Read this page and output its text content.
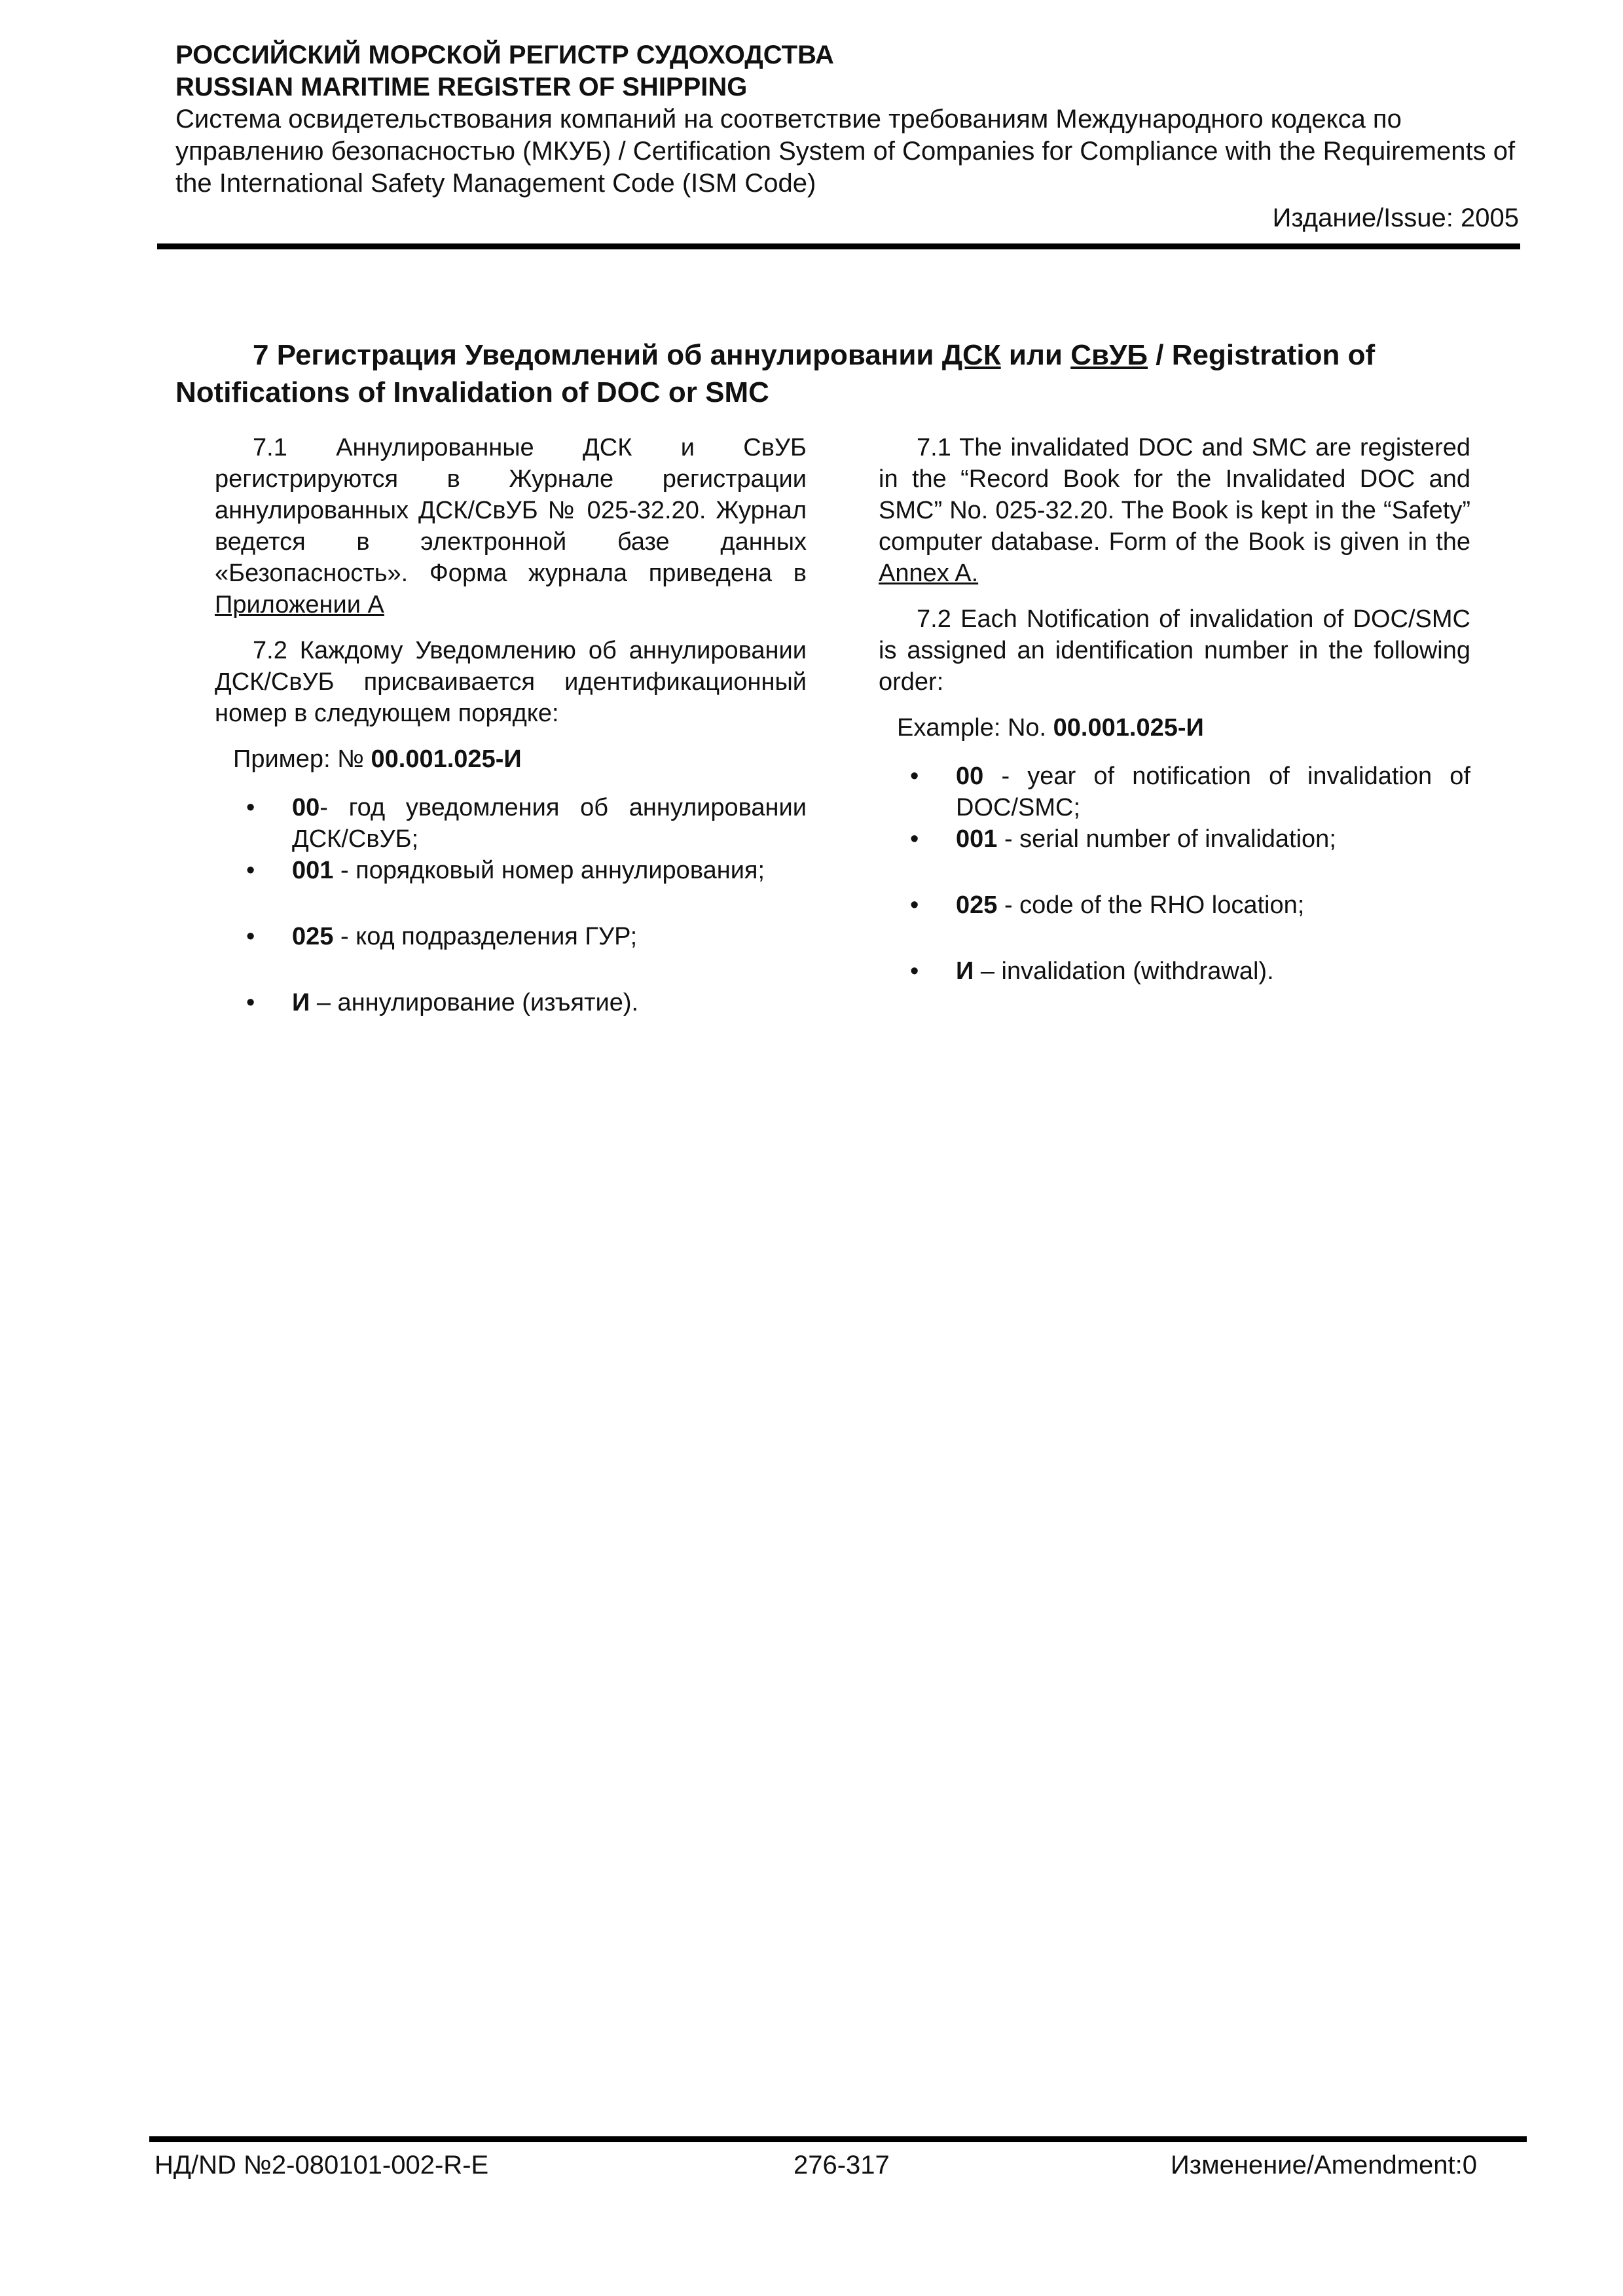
РОССИЙСКИЙ МОРСКОЙ РЕГИСТР СУДОХОДСТВА
RUSSIAN MARITIME REGISTER OF SHIPPING
Система освидетельствования компаний на соответствие требованиям Международного кодекса по управлению безопасностью (МКУБ) / Certification System of Companies for Compliance with the Requirements of the International Safety Management Code (ISM Code)
Издание/Issue: 2005
7 Регистрация Уведомлений об аннулировании ДСК или СвУБ / Registration of Notifications of Invalidation of DOC or SMC

7.1 Аннулированные ДСК и СвУБ регистрируются в Журнале регистрации аннулированных ДСК/СвУБ № 025-32.20. Журнал ведется в электронной базе данных «Безопасность». Форма журнала приведена в Приложении А

7.2 Каждому Уведомлению об аннулировании ДСК/СвУБ присваивается идентификационный номер в следующем порядке:

Пример: № 00.001.025-И

• 00- год уведомления об аннулировании ДСК/СвУБ;
• 001 - порядковый номер аннулирования;
• 025 - код подразделения ГУР;
• И – аннулирование (изъятие).

7.1 The invalidated DOC and SMC are registered in the “Record Book for the Invalidated DOC and SMC” No. 025-32.20. The Book is kept in the “Safety” computer database. Form of the Book is given in the Annex A.

7.2 Each Notification of invalidation of DOC/SMC is assigned an identification number in the following order:

Example: No. 00.001.025-И

• 00 - year of notification of invalidation of DOC/SMC;
• 001 - serial number of invalidation;
• 025 - code of the RHO location;
• И – invalidation (withdrawal).
НД/ND №2-080101-002-R-E	276-317	Изменение/Amendment:0
